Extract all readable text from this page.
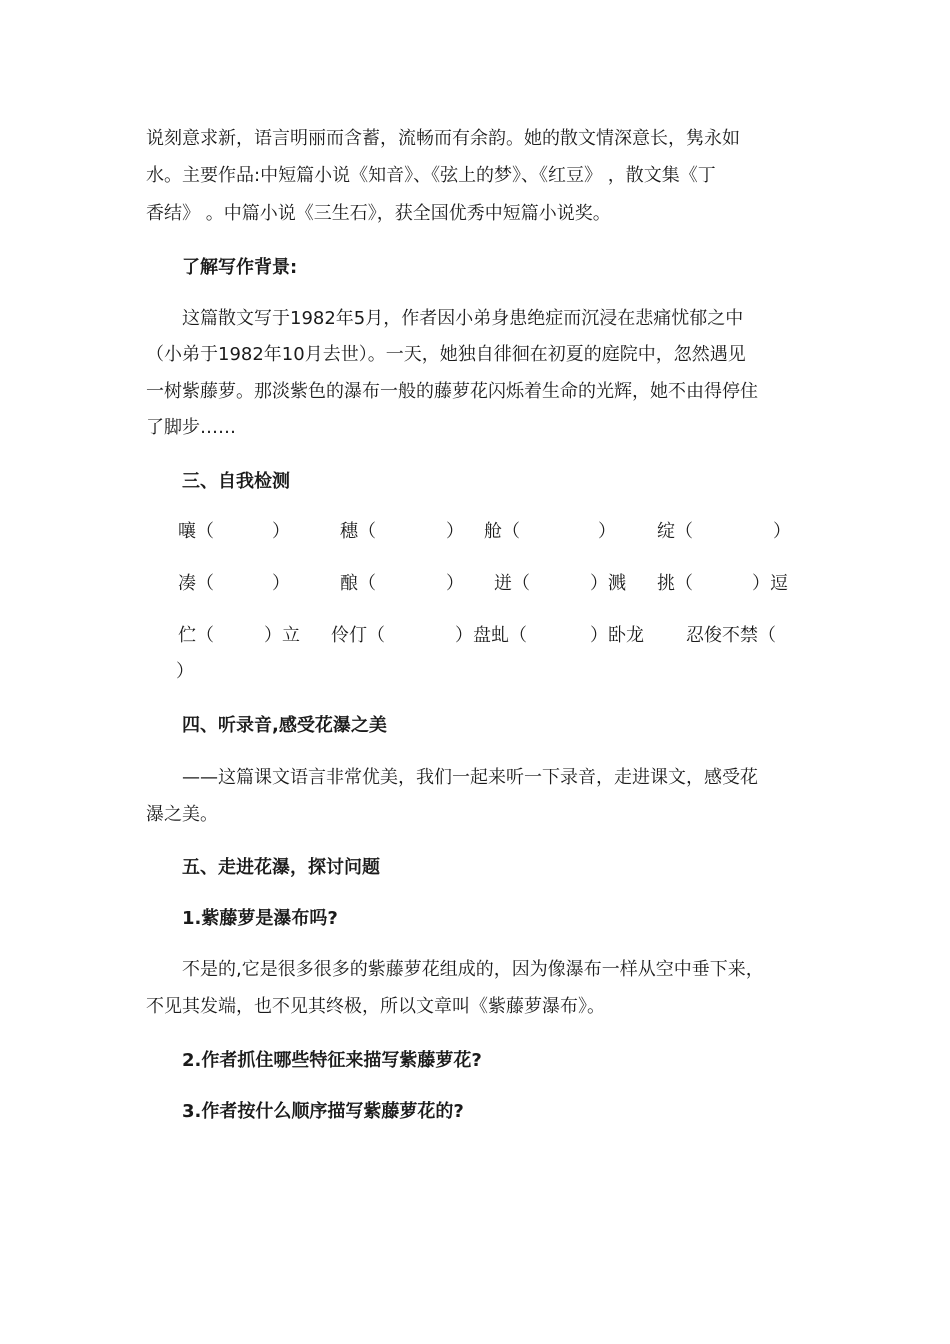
说刻意求新，语言明丽而含蓄，流畅而有余韵。她的散文情深意长，隽永如
水。主要作品:中短篇小说《知音》、《弦上的梦》、《红豆》 ，散文集《丁
香结》 。中篇小说《三生石》，获全国优秀中短篇小说奖。
了解写作背景:
这篇散文写于1982年5月，作者因小弟身患绝症而沉浸在悲痛忧郁之中
（小弟于1982年10月去世）。一天，她独自徘徊在初夏的庭院中，忽然遇见
一树紫藤萝。那淡紫色的瀑布一般的藤萝花闪烁着生命的光辉，她不由得停住
了脚步……
三、自我检测
嚷（	）	穗（	） 舱（	） 绽（	）
凑（	）	酿（	） 迸（	）溅 挑（	）逗
伫（	）立 伶仃（	）盘虬（	）卧龙 忍俊不禁（
）
四、听录音,感受花瀑之美
——这篇课文语言非常优美，我们一起来听一下录音，走进课文，感受花
瀑之美。
五、走进花瀑，探讨问题
1.紫藤萝是瀑布吗?
不是的,它是很多很多的紫藤萝花组成的，因为像瀑布一样从空中垂下来，
不见其发端，也不见其终极，所以文章叫《紫藤萝瀑布》。
2.作者抓住哪些特征来描写紫藤萝花?
3.作者按什么顺序描写紫藤萝花的?
